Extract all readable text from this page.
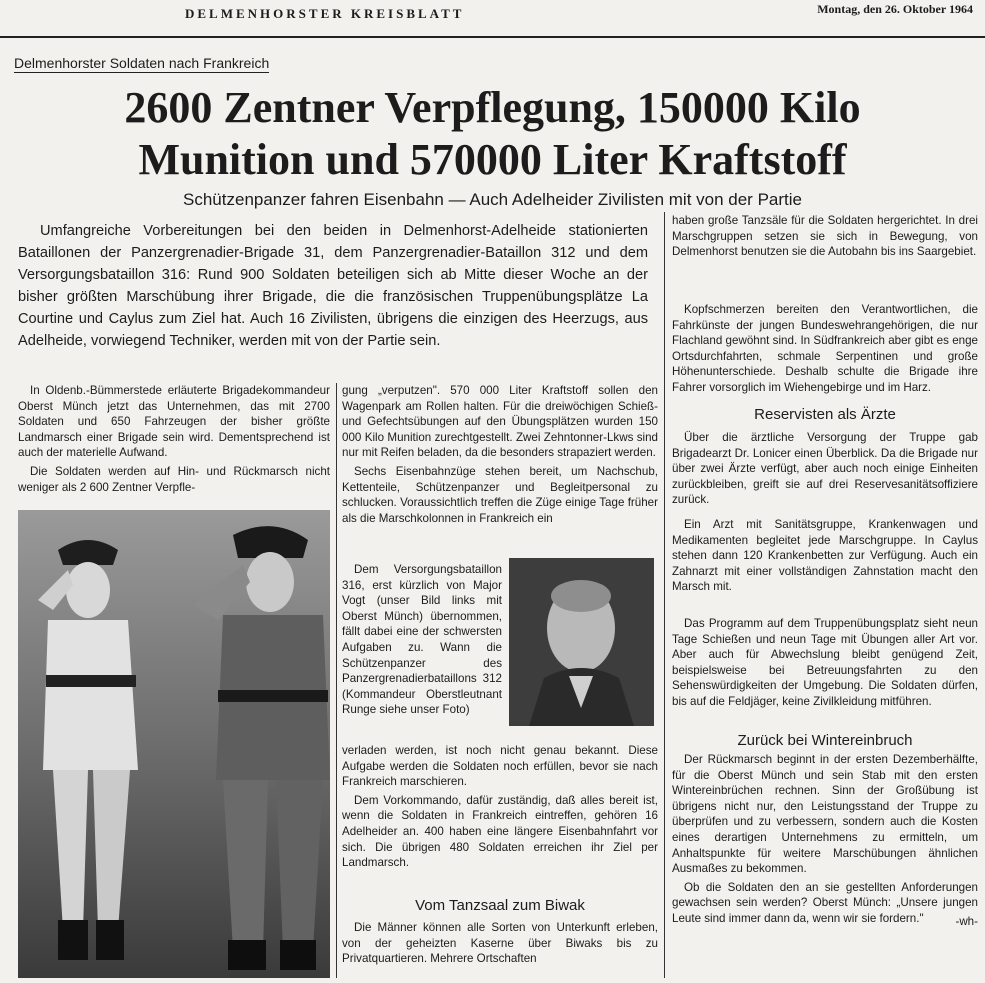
DELMENHORSTER KREISBLATT	Montag, den 26. Oktober 1964
Delmenhorster Soldaten nach Frankreich
2600 Zentner Verpflegung, 150000 Kilo
Munition und 570000 Liter Kraftstoff
Schützenpanzer fahren Eisenbahn — Auch Adelheider Zivilisten mit von der Partie

Umfangreiche Vorbereitungen bei den beiden in Delmenhorst-Adelheide stationierten Bataillonen der Panzergrenadier-Brigade 31, dem Panzergrenadier-Bataillon 312 und dem Versorgungsbataillon 316: Rund 900 Soldaten beteiligen sich ab Mitte dieser Woche an der bisher größten Marschübung ihrer Brigade, die die französischen Truppenübungsplätze La Courtine und Caylus zum Ziel hat. Auch 16 Zivilisten, übrigens die einzigen des Heerzugs, aus Adelheide, vorwiegend Techniker, werden mit von der Partie sein.

In Oldenb.-Bümmerstede erläuterte Brigadekommandeur Oberst Münch jetzt das Unternehmen, das mit 2700 Soldaten und 650 Fahrzeugen der bisher größte Landmarsch einer Brigade sein wird. Dementsprechend ist auch der materielle Aufwand.

Die Soldaten werden auf Hin- und Rückmarsch nicht weniger als 2 600 Zentner Verpfle-

gung „verputzen". 570 000 Liter Kraftstoff sollen den Wagenpark am Rollen halten. Für die dreiwöchigen Schieß- und Gefechtsübungen auf den Übungsplätzen wurden 150 000 Kilo Munition zurechtgestellt. Zwei Zehntonner-Lkws sind nur mit Reifen beladen, da die besonders strapaziert werden.

Sechs Eisenbahnzüge stehen bereit, um Nachschub, Kettenteile, Schützenpanzer und Begleitpersonal zu schlucken. Voraussichtlich treffen die Züge einige Tage früher als die Marschkolonnen in Frankreich ein

Dem Versorgungsbataillon 316, erst kürzlich von Major Vogt (unser Bild links mit Oberst Münch) übernommen, fällt dabei eine der schwersten Aufgaben zu. Wann die Schützenpanzer des Panzergrenadierbataillons 312 (Kommandeur Oberstleutnant Runge siehe unser Foto)

verladen werden, ist noch nicht genau bekannt. Diese Aufgabe werden die Soldaten noch erfüllen, bevor sie nach Frankreich marschieren.

Dem Vorkommando, dafür zuständig, daß alles bereit ist, wenn die Soldaten in Frankreich eintreffen, gehören 16 Adelheider an. 400 haben eine längere Eisenbahnfahrt vor sich. Die übrigen 480 Soldaten erreichen ihr Ziel per Landmarsch.

Vom Tanzsaal zum Biwak

Die Männer können alle Sorten von Unterkunft erleben, von der geheizten Kaserne über Biwaks bis zu Privatquartieren. Mehrere Ortschaften

haben große Tanzsäle für die Soldaten hergerichtet. In drei Marschgruppen setzen sie sich in Bewegung, von Delmenhorst benutzen sie die Autobahn bis ins Saargebiet.

Kopfschmerzen bereiten den Verantwortlichen, die Fahrkünste der jungen Bundeswehrangehörigen, die nur Flachland gewöhnt sind. In Südfrankreich aber gibt es enge Ortsdurchfahrten, schmale Serpentinen und große Höhenunterschiede. Deshalb schulte die Brigade ihre Fahrer vorsorglich im Wiehengebirge und im Harz.

Reservisten als Ärzte

Über die ärztliche Versorgung der Truppe gab Brigadearzt Dr. Lonicer einen Überblick. Da die Brigade nur über zwei Ärzte verfügt, aber auch noch einige Einheiten zurückbleiben, greift sie auf drei Reservesanitätsoffiziere zurück.

Ein Arzt mit Sanitätsgruppe, Krankenwagen und Medikamenten begleitet jede Marschgruppe. In Caylus stehen dann 120 Krankenbetten zur Verfügung. Auch ein Zahnarzt mit einer vollständigen Zahnstation macht den Marsch mit.

Das Programm auf dem Truppenübungsplatz sieht neun Tage Schießen und neun Tage mit Übungen aller Art vor. Aber auch für Abwechslung bleibt genügend Zeit, beispielsweise bei Betreuungsfahrten zu den Sehenswürdigkeiten der Umgebung. Die Soldaten dürfen, bis auf die Feldjäger, keine Zivilkleidung mitführen.

Zurück bei Wintereinbruch

Der Rückmarsch beginnt in der ersten Dezemberhälfte, für die Oberst Münch und sein Stab mit den ersten Wintereinbrüchen rechnen. Sinn der Großübung ist übrigens nicht nur, den Leistungsstand der Truppe zu überprüfen und zu verbessern, sondern auch die Kosten eines derartigen Unternehmens zu ermitteln, um Anhaltspunkte für weitere Marschübungen ähnlichen Ausmaßes zu bekommen.

Ob die Soldaten den an sie gestellten Anforderungen gewachsen sein werden? Oberst Münch: „Unsere jungen Leute sind immer dann da, wenn wir sie fordern."	-wh-
